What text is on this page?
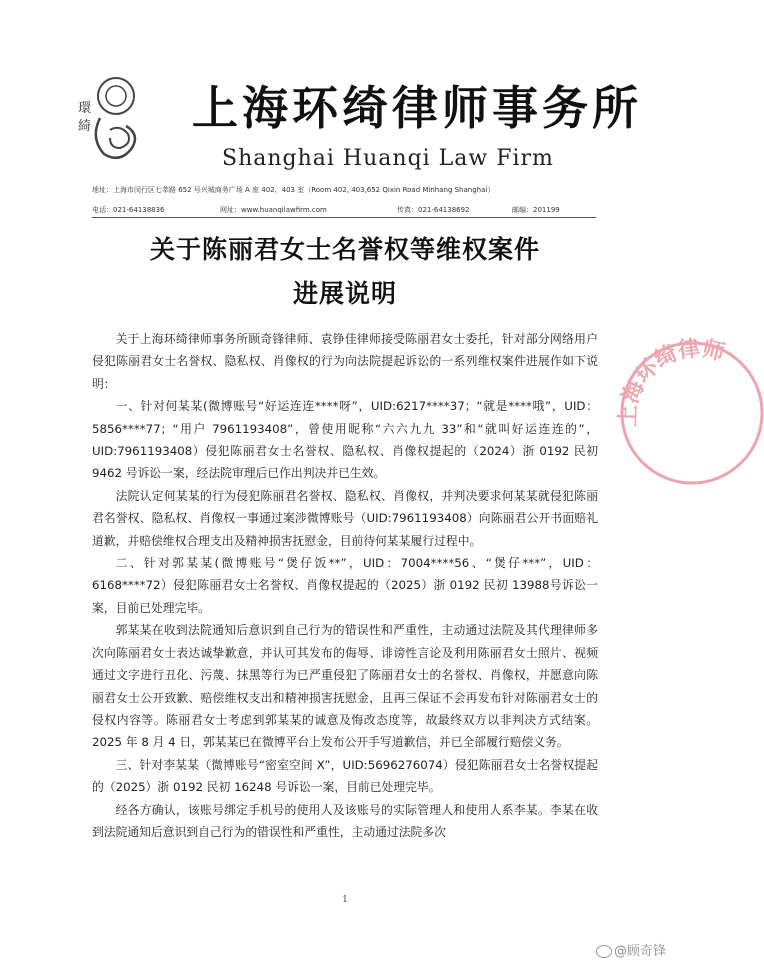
環
綺 上海环绮律师事务所
Shanghai Huanqi Law Firm
地址：上海市闵行区七莘路 652 号兴城商务广场 A 座 402、403 室（Room 402, 403,652 Qixin Road Minhang Shanghai）
电话：021-64138836	网址：www.huanqilawfirm.com	传真：021-64138692	邮编：201199
关于陈丽君女士名誉权等维权案件
进展说明

关于上海环绮律师事务所顾奇锋律师、袁铮佳律师接受陈丽君女士委托，针对部分网络用户侵犯陈丽君女士名誉权、隐私权、肖像权的行为向法院提起诉讼的一系列维权案件进展作如下说明：

一、针对何某某(微博账号“好运连连****呀”，UID:6217****37；“就是****哦”，UID：5856****77；“用户 7961193408”，曾使用昵称“六六九九 33”和“就叫好运连连的”，UID:7961193408）侵犯陈丽君女士名誉权、隐私权、肖像权提起的（2024）浙 0192 民初 9462 号诉讼一案，经法院审理后已作出判决并已生效。

法院认定何某某的行为侵犯陈丽君名誉权、隐私权、肖像权，并判决要求何某某就侵犯陈丽君名誉权、隐私权、肖像权一事通过案涉微博账号（UID:7961193408）向陈丽君公开书面赔礼道歉，并赔偿维权合理支出及精神损害抚慰金，目前待何某某履行过程中。

二、针对郭某某(微博账号“煲仔饭**”，UID：7004****56、“煲仔***”，UID：6168****72）侵犯陈丽君女士名誉权、肖像权提起的（2025）浙 0192 民初 13988号诉讼一案，目前已处理完毕。

郭某某在收到法院通知后意识到自己行为的错误性和严重性，主动通过法院及其代理律师多次向陈丽君女士表达诚挚歉意，并认可其发布的侮辱、诽谤性言论及利用陈丽君女士照片、视频通过文字进行丑化、污蔑、抹黑等行为已严重侵犯了陈丽君女士的名誉权、肖像权，并愿意向陈丽君女士公开致歉、赔偿维权支出和精神损害抚慰金，且再三保证不会再发布针对陈丽君女士的侵权内容等。陈丽君女士考虑到郭某某的诚意及悔改态度等，故最终双方以非判决方式结案。2025 年 8 月 4 日，郭某某已在微博平台上发布公开手写道歉信，并已全部履行赔偿义务。

三、针对李某某（微博账号“密室空间 X”，UID:5696276074）侵犯陈丽君女士名誉权提起的（2025）浙 0192 民初 16248 号诉讼一案，目前已处理完毕。

经各方确认，该账号绑定手机号的使用人及该账号的实际管理人和使用人系李某。李某在收到法院通知后意识到自己行为的错误性和严重性，主动通过法院多次

1
上海环绮律师
@顾奇锋
